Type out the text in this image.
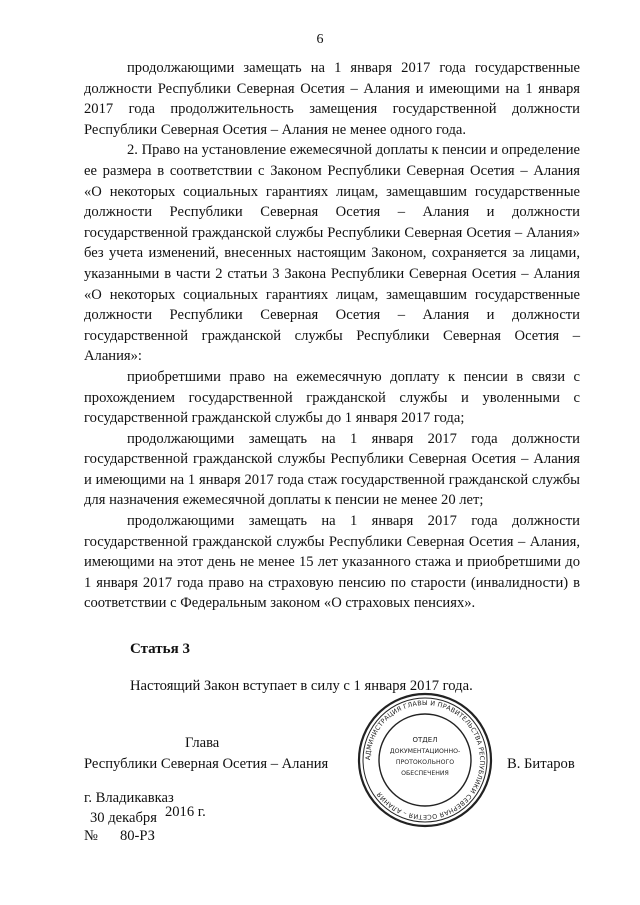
6

продолжающими замещать на 1 января 2017 года государственные должности Республики Северная Осетия – Алания и имеющими на 1 января 2017 года продолжительность замещения государственной должности Республики Северная Осетия – Алания не менее одного года.

2. Право на установление ежемесячной доплаты к пенсии и определение ее размера в соответствии с Законом Республики Северная Осетия – Алания «О некоторых социальных гарантиях лицам, замещавшим государственные должности Республики Северная Осетия – Алания и должности государственной гражданской службы Республики Северная Осетия – Алания» без учета изменений, внесенных настоящим Законом, сохраняется за лицами, указанными в части 2 статьи 3 Закона Республики Северная Осетия – Алания «О некоторых социальных гарантиях лицам, замещавшим государственные должности Республики Северная Осетия – Алания и должности государственной гражданской службы Республики Северная Осетия – Алания»:

приобретшими право на ежемесячную доплату к пенсии в связи с прохождением государственной гражданской службы и уволенными с государственной гражданской службы до 1 января 2017 года;

продолжающими замещать на 1 января 2017 года должности государственной гражданской службы Республики Северная Осетия – Алания и имеющими на 1 января 2017 года стаж государственной гражданской службы для назначения ежемесячной доплаты к пенсии не менее 20 лет;

продолжающими замещать на 1 января 2017 года должности государственной гражданской службы Республики Северная Осетия – Алания, имеющими на этот день не менее 15 лет указанного стажа и приобретшими до 1 января 2017 года право на страховую пенсию по старости (инвалидности) в соответствии с Федеральным законом «О страховых пенсиях».

Статья 3
Настоящий Закон вступает в силу с 1 января 2017 года.
Глава
Республики Северная Осетия – Алания	В. Битаров
г. Владикавказ
30 декабря 2016 г.
№ 80-РЗ
АДМИНИСТРАЦИЯ ГЛАВЫ И ПРАВИТЕЛЬСТВА РЕСПУБЛИКИ СЕВЕРНАЯ ОСЕТИЯ – АЛАНИЯ
ОТДЕЛ
ДОКУМЕНТАЦИОННО-
ПРОТОКОЛЬНОГО
ОБЕСПЕЧЕНИЯ
